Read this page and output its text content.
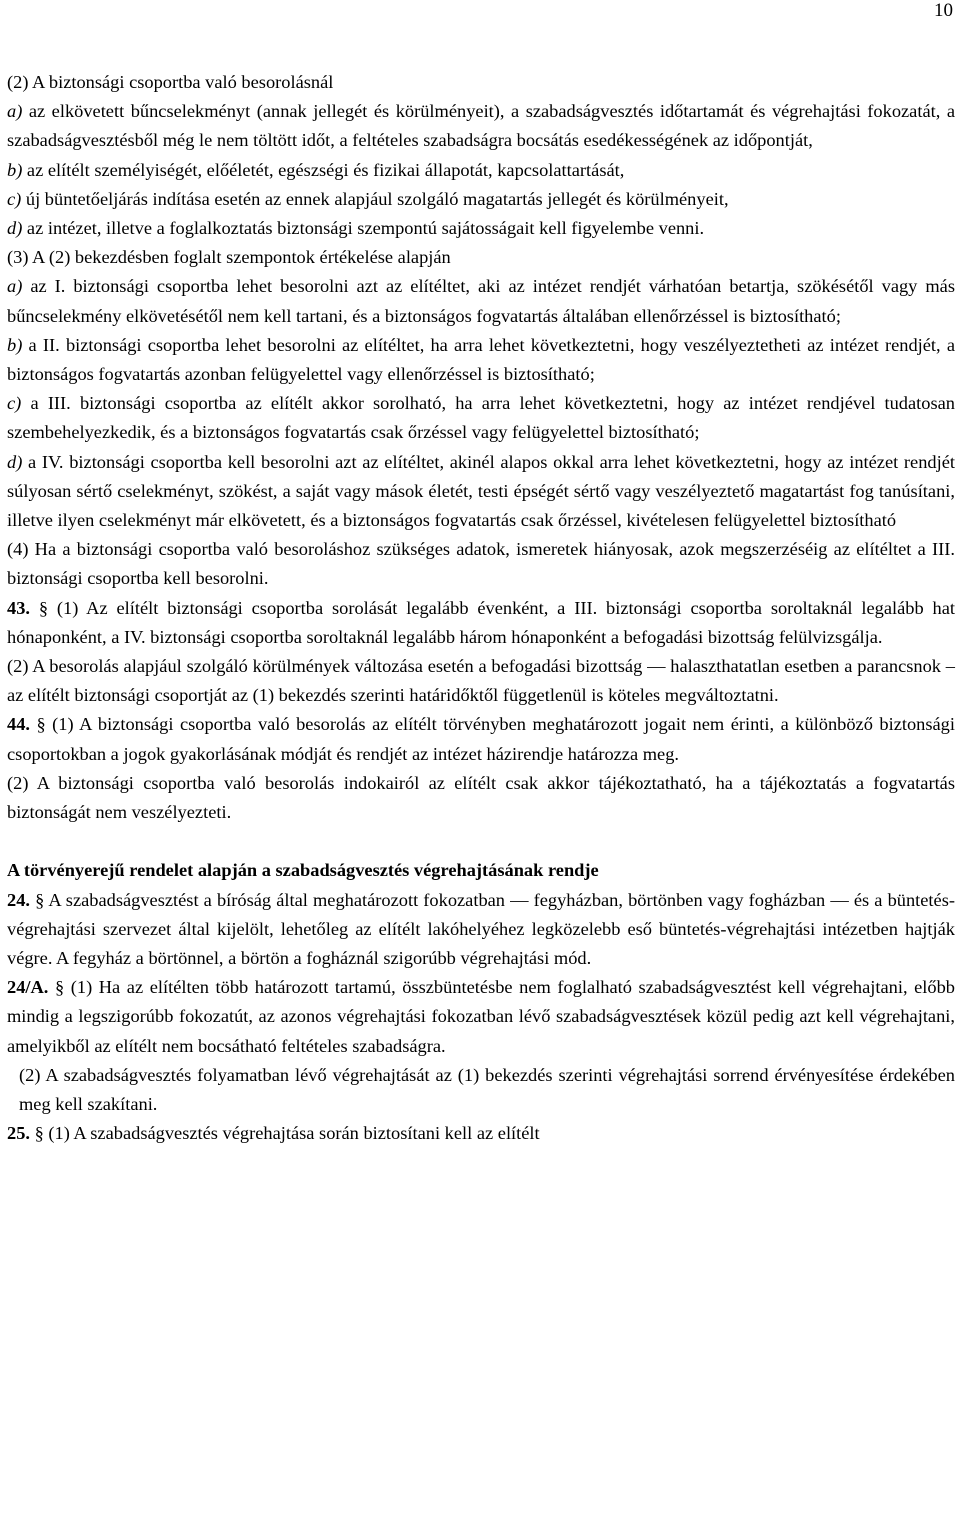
10

(2) A biztonsági csoportba való besorolásnál

a) az elkövetett bűncselekményt (annak jellegét és körülményeit), a szabadságvesztés időtartamát és végrehajtási fokozatát, a szabadságvesztésből még le nem töltött időt, a feltételes szabadságra bocsátás esedékességének az időpontját,

b) az elítélt személyiségét, előéletét, egészségi és fizikai állapotát, kapcsolattartását,

c) új büntetőeljárás indítása esetén az ennek alapjául szolgáló magatartás jellegét és körülményeit,

d) az intézet, illetve a foglalkoztatás biztonsági szempontú sajátosságait kell figyelembe venni.

(3) A (2) bekezdésben foglalt szempontok értékelése alapján

a) az I. biztonsági csoportba lehet besorolni azt az elítéltet, aki az intézet rendjét várhatóan betartja, szökésétől vagy más bűncselekmény elkövetésétől nem kell tartani, és a biztonságos fogvatartás általában ellenőrzéssel is biztosítható;

b) a II. biztonsági csoportba lehet besorolni az elítéltet, ha arra lehet következtetni, hogy veszélyeztetheti az intézet rendjét, a biztonságos fogvatartás azonban felügyelettel vagy ellenőrzéssel is biztosítható;

c) a III. biztonsági csoportba az elítélt akkor sorolható, ha arra lehet következtetni, hogy az intézet rendjével tudatosan szembehelyezkedik, és a biztonságos fogvatartás csak őrzéssel vagy felügyelettel biztosítható;

d) a IV. biztonsági csoportba kell besorolni azt az elítéltet, akinél alapos okkal arra lehet következtetni, hogy az intézet rendjét súlyosan sértő cselekményt, szökést, a saját vagy mások életét, testi épségét sértő vagy veszélyeztető magatartást fog tanúsítani, illetve ilyen cselekményt már elkövetett, és a biztonságos fogvatartás csak őrzéssel, kivételesen felügyelettel biztosítható

(4) Ha a biztonsági csoportba való besoroláshoz szükséges adatok, ismeretek hiányosak, azok megszerzéséig az elítéltet a III. biztonsági csoportba kell besorolni.

43. § (1) Az elítélt biztonsági csoportba sorolását legalább évenként, a III. biztonsági csoportba soroltaknál legalább hat hónaponként, a IV. biztonsági csoportba soroltaknál legalább három hónaponként a befogadási bizottság felülvizsgálja.

(2) A besorolás alapjául szolgáló körülmények változása esetén a befogadási bizottság — halaszthatatlan esetben a parancsnok – az elítélt biztonsági csoportját az (1) bekezdés szerinti határidőktől függetlenül is köteles megváltoztatni.

44. § (1) A biztonsági csoportba való besorolás az elítélt törvényben meghatározott jogait nem érinti, a különböző biztonsági csoportokban a jogok gyakorlásának módját és rendjét az intézet házirendje határozza meg.

(2) A biztonsági csoportba való besorolás indokairól az elítélt csak akkor tájékoztatható, ha a tájékoztatás a fogvatartás biztonságát nem veszélyezteti.

A törvényerejű rendelet alapján a szabadságvesztés végrehajtásának rendje

24. § A szabadságvesztést a bíróság által meghatározott fokozatban — fegyházban, börtönben vagy fogházban — és a büntetés-végrehajtási szervezet által kijelölt, lehetőleg az elítélt lakóhelyéhez legközelebb eső büntetés-végrehajtási intézetben hajtják végre. A fegyház a börtönnel, a börtön a fogháznál szigorúbb végrehajtási mód.

24/A. § (1) Ha az elítélten több határozott tartamú, összbüntetésbe nem foglalható szabadságvesztést kell végrehajtani, előbb mindig a legszigorúbb fokozatút, az azonos végrehajtási fokozatban lévő szabadságvesztések közül pedig azt kell végrehajtani, amelyikből az elítélt nem bocsátható feltételes szabadságra.

(2) A szabadságvesztés folyamatban lévő végrehajtását az (1) bekezdés szerinti végrehajtási sorrend érvényesítése érdekében meg kell szakítani.

25. § (1) A szabadságvesztés végrehajtása során biztosítani kell az elítélt
